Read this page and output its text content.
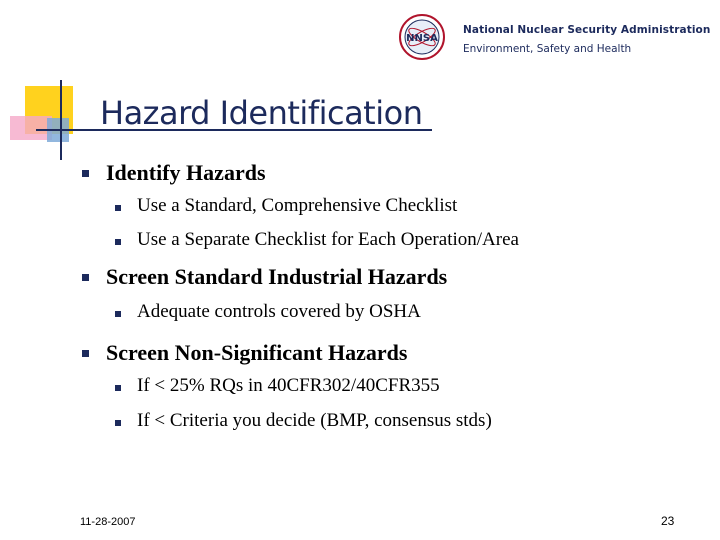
NNSA
National Nuclear Security Administration
Environment, Safety and Health
Hazard Identification
Identify Hazards
Use a Standard, Comprehensive Checklist
Use a Separate Checklist for Each Operation/Area
Screen Standard Industrial Hazards
Adequate controls covered by OSHA
Screen Non-Significant Hazards
If < 25% RQs in 40CFR302/40CFR355
If < Criteria you decide (BMP, consensus stds)
11-28-2007	23
